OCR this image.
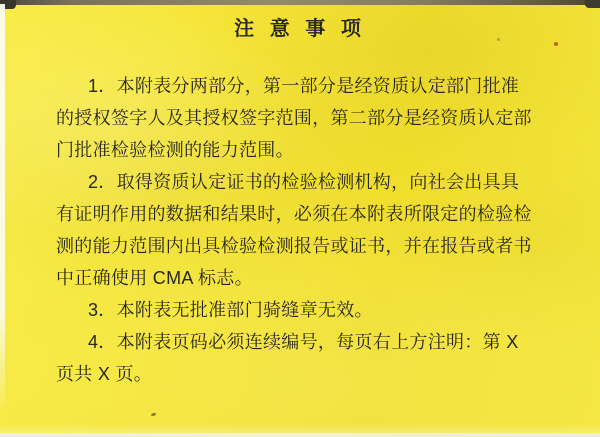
注 意 事 项
1．本附表分两部分，第一部分是经资质认定部门批准
的授权签字人及其授权签字范围，第二部分是经资质认定部
门批准检验检测的能力范围。
2．取得资质认定证书的检验检测机构，向社会出具具
有证明作用的数据和结果时，必须在本附表所限定的检验检
测的能力范围内出具检验检测报告或证书，并在报告或者书
中正确使用 CMA 标志。
3．本附表无批准部门骑缝章无效。
4．本附表页码必须连续编号，每页右上方注明：第 X
页共 X 页。
